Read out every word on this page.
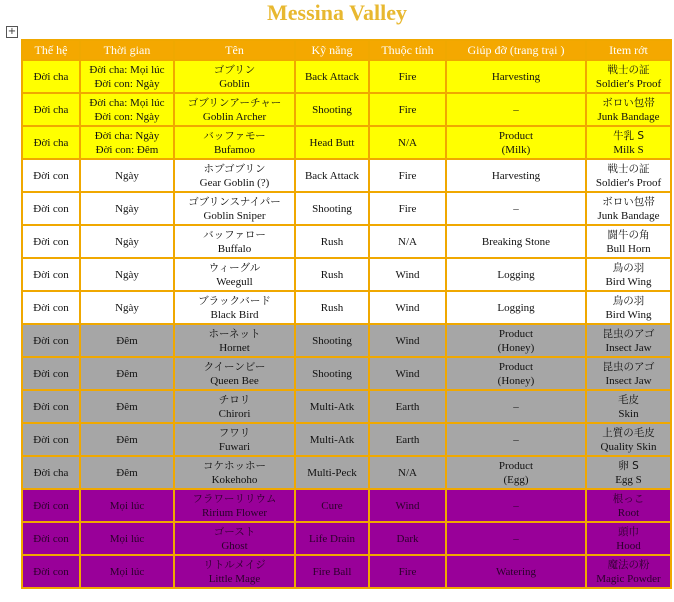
Messina Valley
+
Thế hệ	Thời gian	Tên	Kỹ năng	Thuộc tính	Giúp đỡ (trang trại )	Item rớt
Đời cha	Đời cha: Mọi lúc
Đời con: Ngày	ゴブリン
Goblin	Back Attack	Fire	Harvesting	戦士の証
Soldier's Proof

Đời cha	Đời cha: Mọi lúc
Đời con: Ngày	ゴブリンアーチャー
Goblin Archer	Shooting	Fire	–	ボロい包帯
Junk Bandage

Đời cha	Đời cha: Ngày
Đời con: Đêm	バッファモー
Bufamoo	Head Butt	N/A	Product
(Milk)	牛乳 S
Milk S

Đời con	Ngày	ホブゴブリン
Gear Goblin (?)	Back Attack	Fire	Harvesting	戦士の証
Soldier's Proof

Đời con	Ngày	ゴブリンスナイパー
Goblin Sniper	Shooting	Fire	–	ボロい包帯
Junk Bandage

Đời con	Ngày	バッファロー
Buffalo	Rush	N/A	Breaking Stone	闘牛の角
Bull Horn

Đời con	Ngày	ウィーグル
Weegull	Rush	Wind	Logging	鳥の羽
Bird Wing

Đời con	Ngày	ブラックバード
Black Bird	Rush	Wind	Logging	鳥の羽
Bird Wing

Đời con	Đêm	ホーネット
Hornet	Shooting	Wind	Product
(Honey)	昆虫のアゴ
Insect Jaw

Đời con	Đêm	クイーンビー
Queen Bee	Shooting	Wind	Product
(Honey)	昆虫のアゴ
Insect Jaw

Đời con	Đêm	チロリ
Chirori	Multi-Atk	Earth	–	毛皮
Skin

Đời con	Đêm	フワリ
Fuwari	Multi-Atk	Earth	–	上質の毛皮
Quality Skin

Đời cha	Đêm	コケホッホー
Kokehoho	Multi-Peck	N/A	Product
(Egg)	卵 S
Egg S

Đời con	Mọi lúc	フラワーリリウム
Ririum Flower	Cure	Wind	–	根っこ
Root

Đời con	Mọi lúc	ゴースト
Ghost	Life Drain	Dark	–	頭巾
Hood

Đời con	Mọi lúc	リトルメイジ
Little Mage	Fire Ball	Fire	Watering	魔法の粉
Magic Powder
